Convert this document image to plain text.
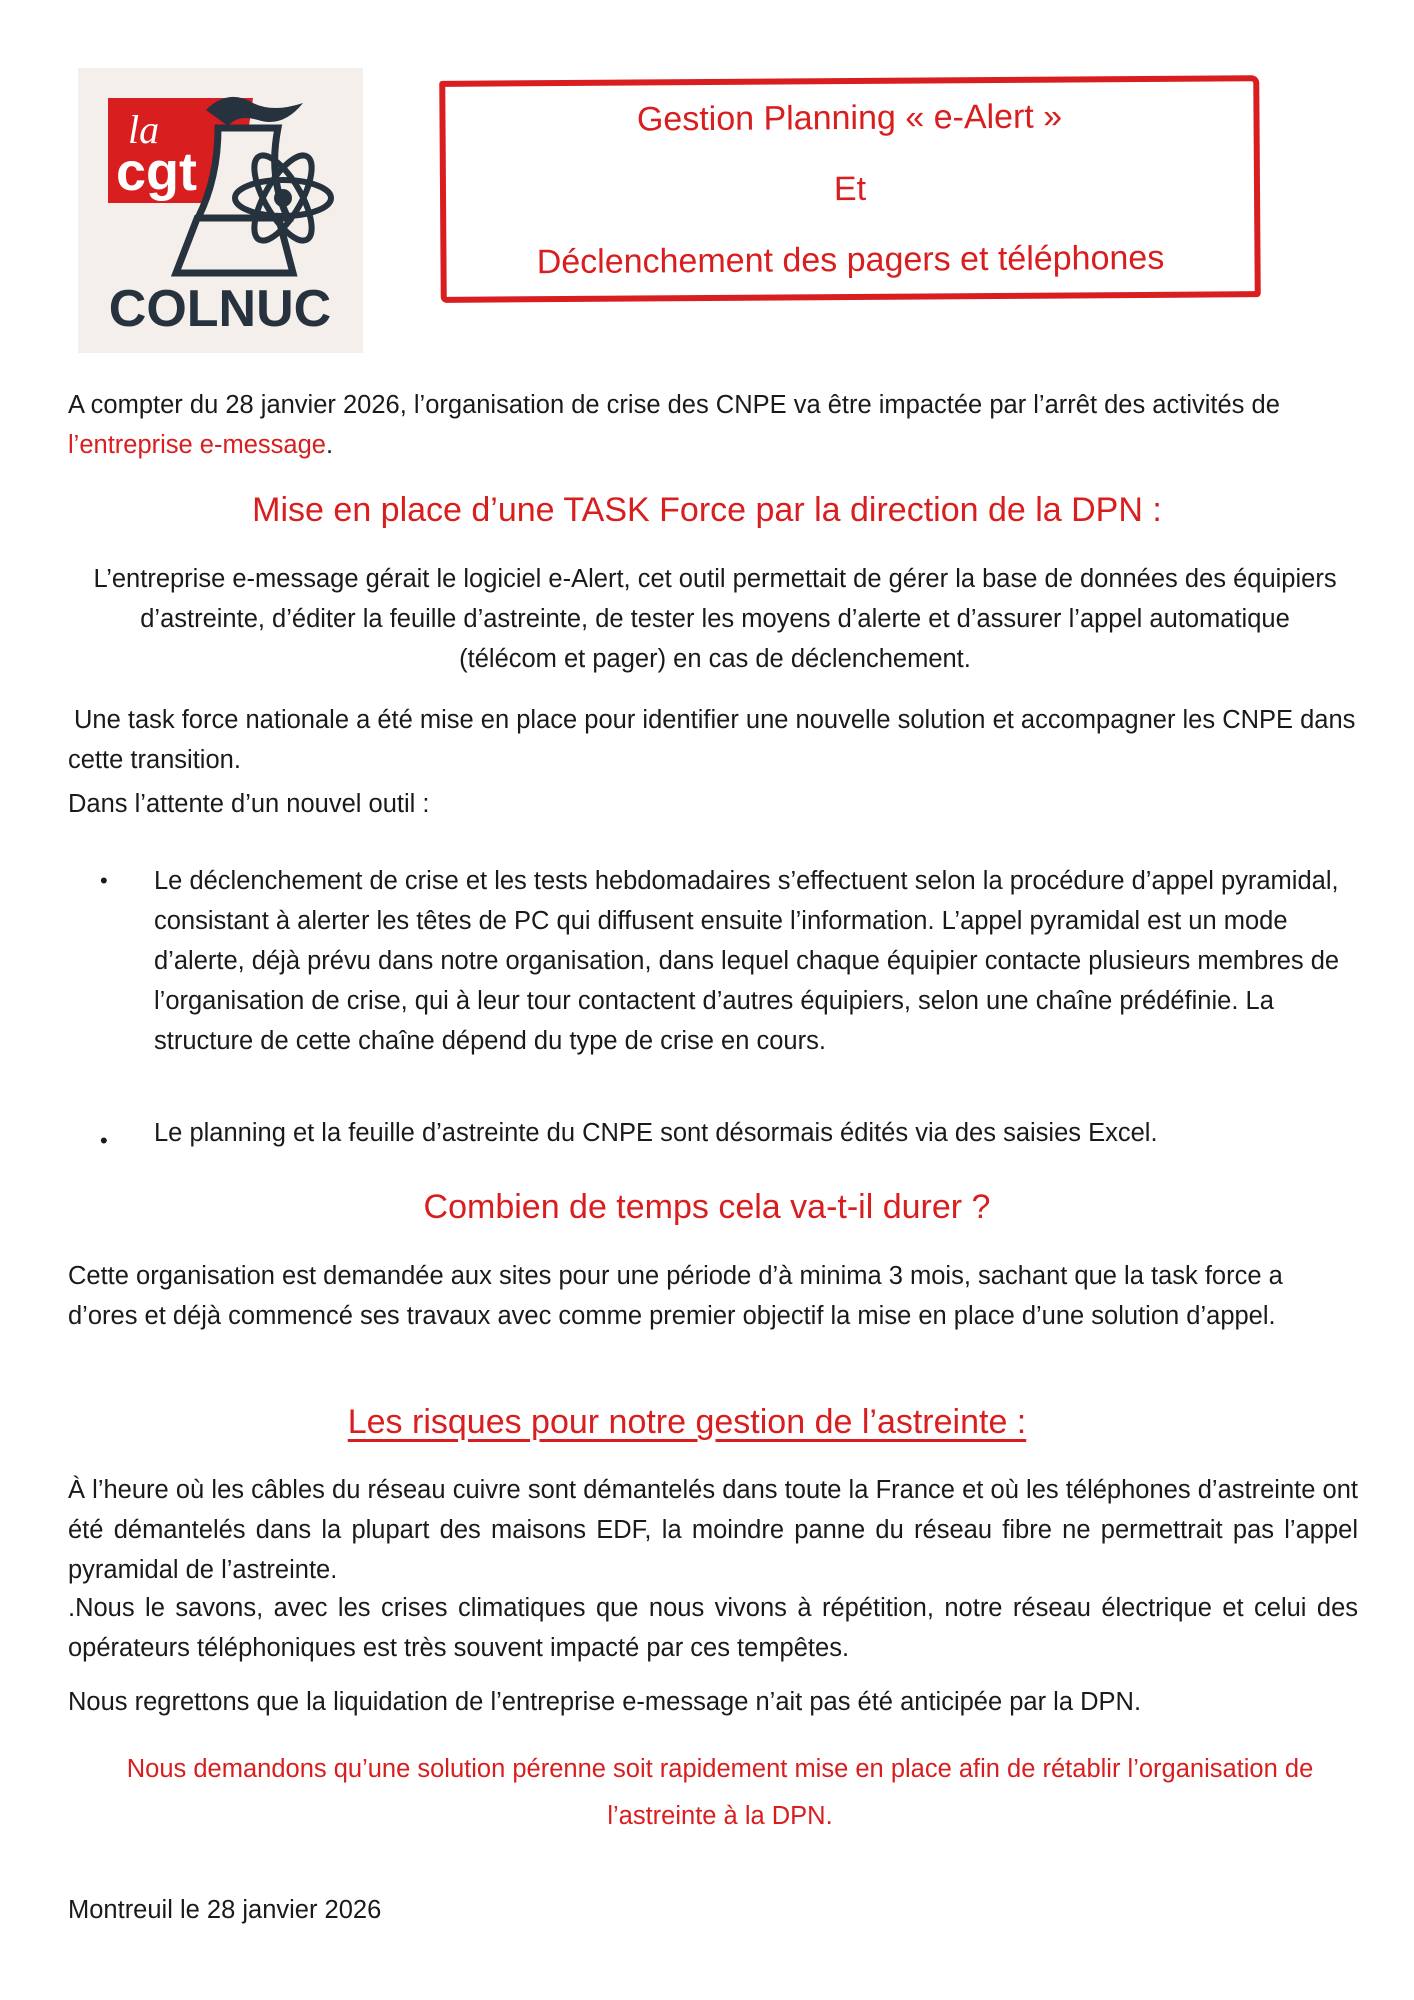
la
cgt
COLNUC
Gestion Planning « e-Alert »
Et
Déclenchement des pagers et téléphones
A compter du 28 janvier 2026, l’organisation de crise des CNPE va être impactée par l’arrêt des activités de l’entreprise e-message.
Mise en place d’une TASK Force par la direction de la DPN :
L’entreprise e-message gérait le logiciel e-Alert, cet outil permettait de gérer la base de données des équipiers d’astreinte, d’éditer la feuille d’astreinte, de tester les moyens d’alerte et d’assurer l’appel automatique (télécom et pager) en cas de déclenchement.
Une task force nationale a été mise en place pour identifier une nouvelle solution et accompagner les CNPE dans cette transition.
Dans l’attente d’un nouvel outil :
• Le déclenchement de crise et les tests hebdomadaires s’effectuent selon la procédure d’appel pyramidal, consistant à alerter les têtes de PC qui diffusent ensuite l’information. L’appel pyramidal est un mode d’alerte, déjà prévu dans notre organisation, dans lequel chaque équipier contacte plusieurs membres de l’organisation de crise, qui à leur tour contactent d’autres équipiers, selon une chaîne prédéfinie. La structure de cette chaîne dépend du type de crise en cours.
• Le planning et la feuille d’astreinte du CNPE sont désormais édités via des saisies Excel.
Combien de temps cela va-t-il durer ?
Cette organisation est demandée aux sites pour une période d’à minima 3 mois, sachant que la task force a d’ores et déjà commencé ses travaux avec comme premier objectif la mise en place d’une solution d’appel.
Les risques pour notre gestion de l’astreinte :
À l’heure où les câbles du réseau cuivre sont démantelés dans toute la France et où les téléphones d’astreinte ont été démantelés dans la plupart des maisons EDF, la moindre panne du réseau fibre ne permettrait pas l’appel pyramidal de l’astreinte.
.Nous le savons, avec les crises climatiques que nous vivons à répétition, notre réseau électrique et celui des opérateurs téléphoniques est très souvent impacté par ces tempêtes.
Nous regrettons que la liquidation de l’entreprise e-message n’ait pas été anticipée par la DPN.
Nous demandons qu’une solution pérenne soit rapidement mise en place afin de rétablir l’organisation de l’astreinte à la DPN.
Montreuil le 28 janvier 2026
